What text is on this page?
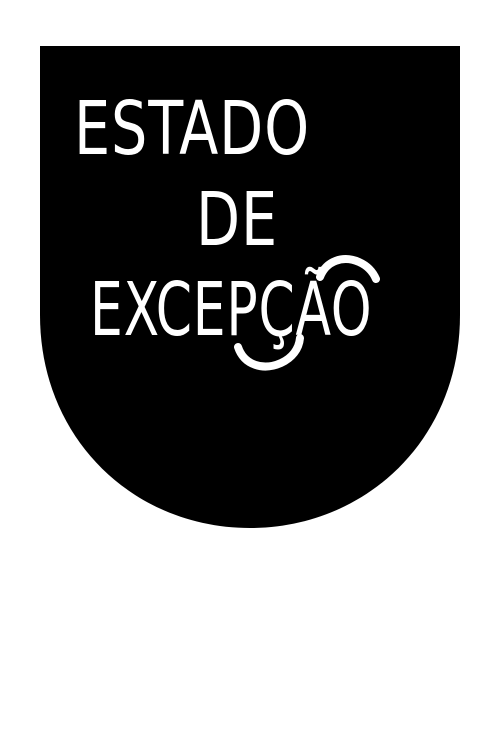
ESTADO
DE
EXCEPÇÃO
